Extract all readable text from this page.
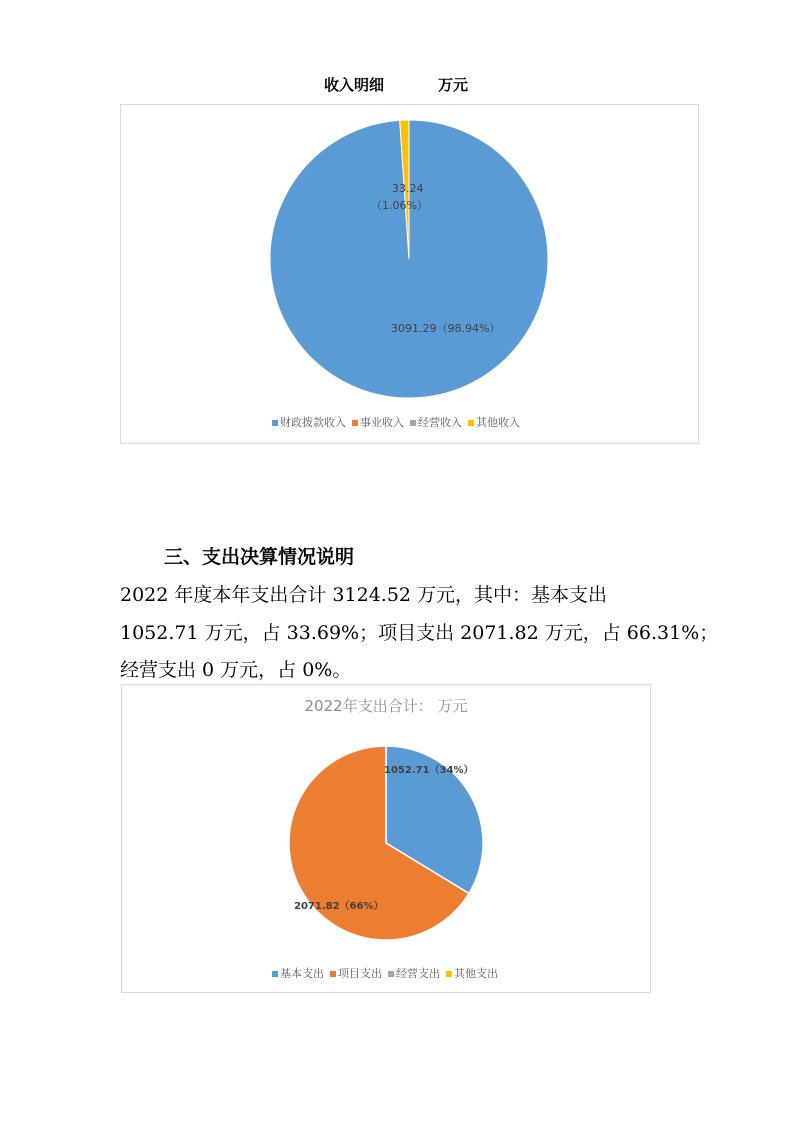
收入明细	万元
3091.29（98.94%）
33.24
（1.06%）
财政拨款收入 事业收入 经营收入 其他收入
三、支出决算情况说明
2022 年度本年支出合计 3124.52 万元，其中：基本支出
1052.71 万元，占 33.69%；项目支出 2071.82 万元，占 66.31%；
经营支出 0 万元，占 0%。
2022年支出合计： 万元
1052.71（34%）
2071.82（66%）
基本支出 项目支出 经营支出 其他支出
